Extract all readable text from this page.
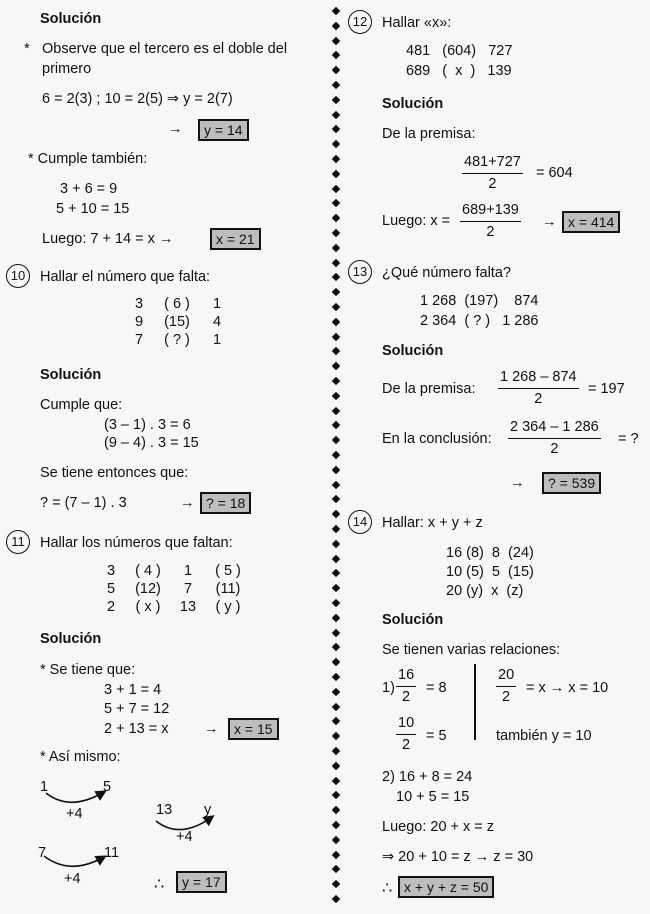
Solución
* Observe que el tercero es el doble del
primero
6 = 2(3) ; 10 = 2(5) ⇒ y = 2(7)
→	y = 14
* Cumple también:
3 + 6 = 9
5 + 10 = 15
Luego: 7 + 14 = x →	x = 21
10	Hallar el número que falta:
3	( 6 )	1
9	(15)	4
7	( ? )	1
Solución
Cumple que:
(3 – 1) . 3 = 6
(9 – 4) . 3 = 15
Se tiene entonces que:
? = (7 – 1) . 3	→ ? = 18
11	Hallar los números que faltan:
3	( 4 )	1	( 5 )
5	(12)	7	(11)
2	( x )	13	( y )
Solución
* Se tiene que:
3 + 1 = 4
5 + 7 = 12
2 + 13 = x →	x = 15
* Así mismo:
1	5
+4	13 y
+4
7	11
+4	∴	y = 17
12	Hallar «x»:
481   (604)   727
689   (  x  )   139
Solución
De la premisa:
$\frac{481+727}{2} = 604$
Luego: $x = \frac{689+139}{2} \to x = 414$
13	¿Qué número falta?
1 268  (197)    874
2 364  ( ? )   1 286
Solución
De la premisa: $\frac{1 268 - 874}{2} = 197$
En la conclusión: $\frac{2 364 - 1 286}{2}$ = ?
→	? = 539
14	Hallar: x + y + z
16 (8)  8  (24)
10 (5)  5  (15)
20 (y)  x  (z)
Solución
Se tienen varias relaciones:
$1) \frac{16}{2} = 8$	$\frac{20}{2} = x \to x = 10$
$\frac{10}{2} = 5$	también y = 10
2) 16 + 8 = 24
10 + 5 = 15
Luego: 20 + x = z
⇒ 20 + 10 = z → z = 30
∴ x + y + z = 50
